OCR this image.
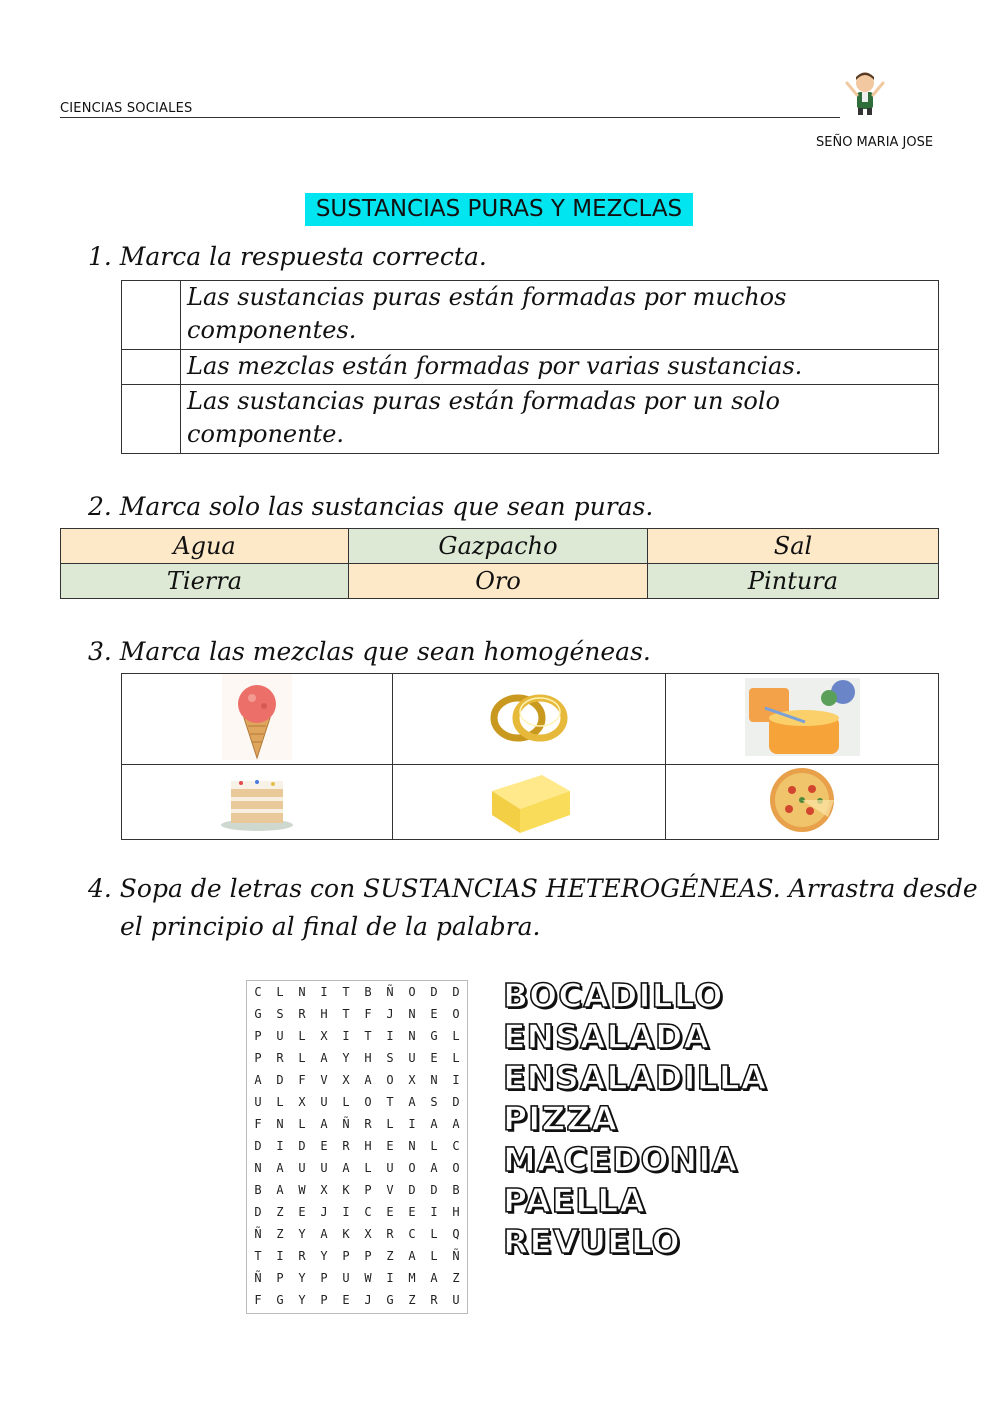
CIENCIAS SOCIALES
SEÑO MARIA JOSE
SUSTANCIAS PURAS Y MEZCLAS
1. Marca la respuesta correcta.
	Las sustancias puras están formadas por muchos componentes.
	Las mezclas están formadas por varias sustancias.
	Las sustancias puras están formadas por un solo componente.
2. Marca solo las sustancias que sean puras.
Agua	Gazpacho	Sal
Tierra	Oro	Pintura
3. Marca las mezclas que sean homogéneas.

4. Sopa de letras con SUSTANCIAS HETEROGÉNEAS. Arrastra desde
el principio al final de la palabra.
C	L	N	I	T	B	Ñ	O	D	D
G	S	R	H	T	F	J	N	E	O
P	U	L	X	I	T	I	N	G	L
P	R	L	A	Y	H	S	U	E	L
A	D	F	V	X	A	O	X	N	I
U	L	X	U	L	O	T	A	S	D
F	N	L	A	Ñ	R	L	I	A	A
D	I	D	E	R	H	E	N	L	C
N	A	U	U	A	L	U	O	A	O
B	A	W	X	K	P	V	D	D	B
D	Z	E	J	I	C	E	E	I	H
Ñ	Z	Y	A	K	X	R	C	L	Q
T	I	R	Y	P	P	Z	A	L	Ñ
Ñ	P	Y	P	U	W	I	M	A	Z
F	G	Y	P	E	J	G	Z	R	U
BOCADILLO
ENSALADA
ENSALADILLA
PIZZA
MACEDONIA
PAELLA
REVUELO
